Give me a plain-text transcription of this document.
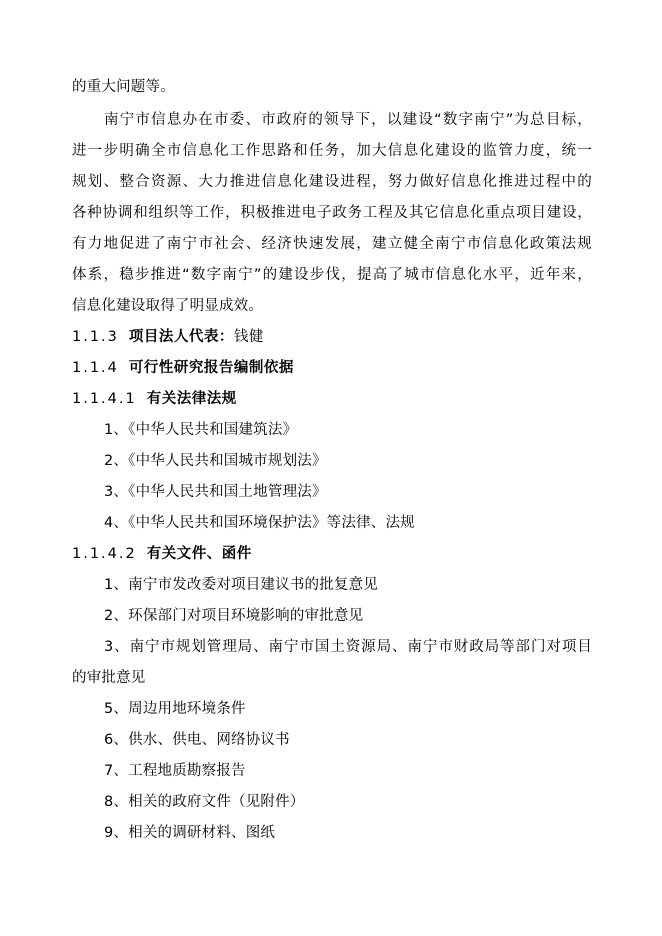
的重大问题等。
南宁市信息办在市委、市政府的领导下，以建设“数字南宁”为总目标，
进一步明确全市信息化工作思路和任务，加大信息化建设的监管力度，统一
规划、整合资源、大力推进信息化建设进程，努力做好信息化推进过程中的
各种协调和组织等工作，积极推进电子政务工程及其它信息化重点项目建设，
有力地促进了南宁市社会、经济快速发展，建立健全南宁市信息化政策法规
体系，稳步推进“数字南宁”的建设步伐，提高了城市信息化水平，近年来，
信息化建设取得了明显成效。
1.1.3 项目法人代表：钱健
1.1.4 可行性研究报告编制依据
1.1.4.1 有关法律法规
1、《中华人民共和国建筑法》
2、《中华人民共和国城市规划法》
3、《中华人民共和国土地管理法》
4、《中华人民共和国环境保护法》等法律、法规
1.1.4.2 有关文件、函件
1、南宁市发改委对项目建议书的批复意见
2、环保部门对项目环境影响的审批意见
3、南宁市规划管理局、南宁市国土资源局、南宁市财政局等部门对项目
的审批意见
5、周边用地环境条件
6、供水、供电、网络协议书
7、工程地质勘察报告
8、相关的政府文件（见附件）
9、相关的调研材料、图纸
